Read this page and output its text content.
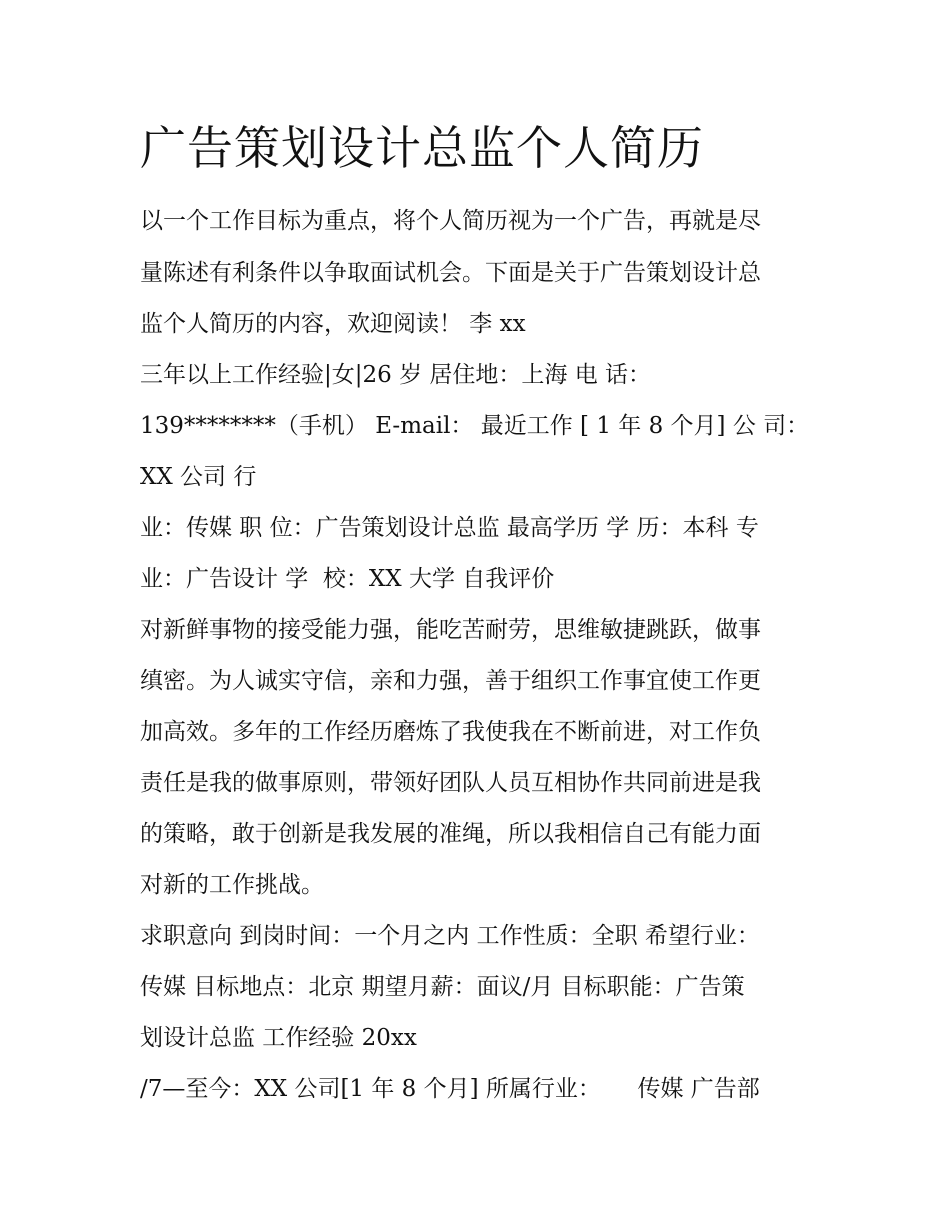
广告策划设计总监个人简历

以一个工作目标为重点，将个人简历视为一个广告，再就是尽

量陈述有利条件以争取面试机会。下面是关于广告策划设计总

监个人简历的内容，欢迎阅读！ 李 xx

三年以上工作经验|女|26 岁 居住地：上海 电 话：

139********（手机） E-mail： 最近工作 [ 1 年 8 个月] 公 司：

XX 公司 行

业：传媒 职 位：广告策划设计总监 最高学历 学 历：本科 专

业：广告设计 学  校：XX 大学 自我评价

对新鲜事物的接受能力强，能吃苦耐劳，思维敏捷跳跃，做事

缜密。为人诚实守信，亲和力强，善于组织工作事宜使工作更

加高效。多年的工作经历磨炼了我使我在不断前进，对工作负

责任是我的做事原则，带领好团队人员互相协作共同前进是我

的策略，敢于创新是我发展的准绳，所以我相信自己有能力面

对新的工作挑战。

求职意向 到岗时间：一个月之内 工作性质：全职 希望行业：

传媒 目标地点：北京 期望月薪：面议/月 目标职能：广告策

划设计总监 工作经验 20xx

/7—至今：XX 公司[1 年 8 个月] 所属行业：     传媒 广告部
